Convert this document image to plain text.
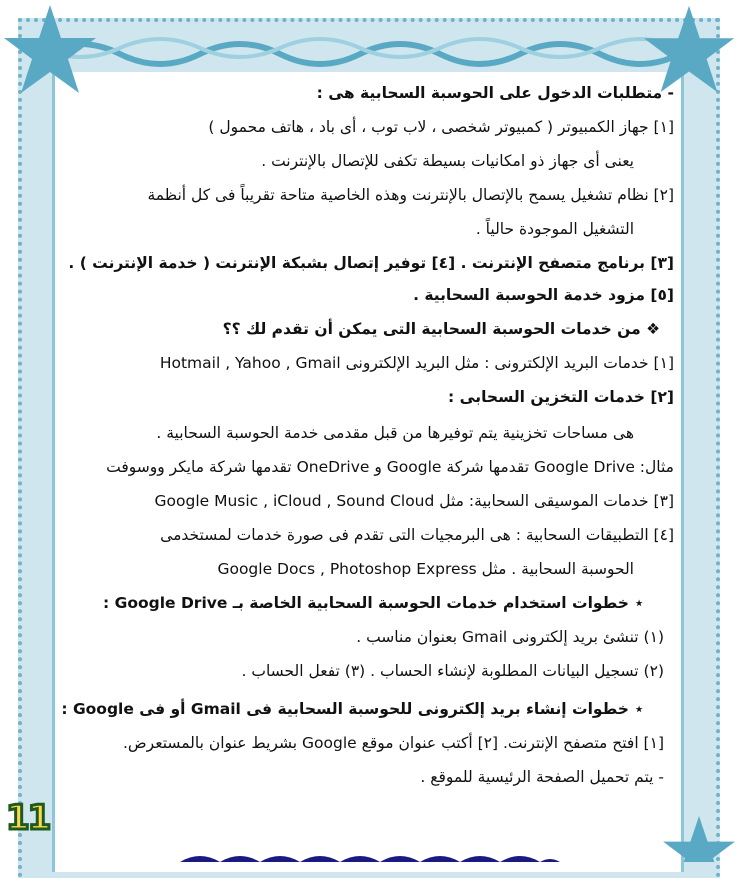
- متطلبات الدخول على الحوسبة السحابية هى :
[١] جهاز الكمبيوتر ( كمبيوتر شخصى ، لاب توب ، أى باد ، هاتف محمول )
يعنى أى جهاز ذو امكانيات بسيطة تكفى للإتصال بالإنترنت .
[٢] نظام تشغيل يسمح بالإتصال بالإنترنت وهذه الخاصية متاحة تقريباً فى كل أنظمة
التشغيل الموجودة حالياً .
[٣] برنامج متصفح الإنترنت . [٤] توفير إتصال بشبكة الإنترنت ( خدمة الإنترنت ) .
[٥] مزود خدمة الحوسبة السحابية .
❖ من خدمات الحوسبة السحابية التى يمكن أن تقدم لك ؟؟
[١] خدمات البريد الإلكترونى : مثل البريد الإلكترونى Hotmail , Yahoo , Gmail
[٢] خدمات التخزين السحابى :
هى مساحات تخزينية يتم توفيرها من قبل مقدمى خدمة الحوسبة السحابية .
مثال: Google Drive تقدمها شركة Google و OneDrive تقدمها شركة مايكر ووسوفت
[٣] خدمات الموسيقى السحابية: مثل Google Music , iCloud , Sound Cloud
[٤] التطبيقات السحابية : هى البرمجيات التى تقدم فى صورة خدمات لمستخدمى
الحوسبة السحابية . مثل Google Docs , Photoshop Express
⋆ خطوات استخدام خدمات الحوسبة السحابية الخاصة بـ Google Drive :
(١) تنشئ بريد إلكترونى Gmail بعنوان مناسب .
(٢) تسجيل البيانات المطلوبة لإنشاء الحساب . (٣) تفعل الحساب .
⋆ خطوات إنشاء بريد إلكترونى للحوسبة السحابية فى Gmail أو فى Google :
[١] افتح متصفح الإنترنت. [٢] أكتب عنوان موقع Google بشريط عنوان بالمستعرض.
- يتم تحميل الصفحة الرئيسية للموقع .
11
